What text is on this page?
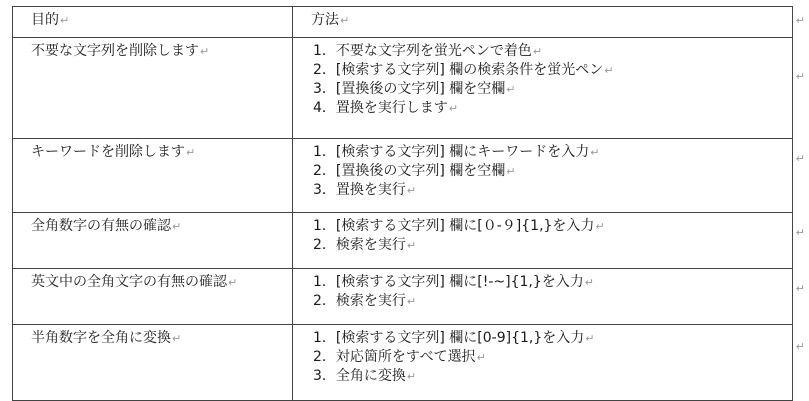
目的↵	方法↵

不要な文字列を削除します↵	1．不要な文字列を蛍光ペンで着色↵
2．[検索する文字列] 欄の検索条件を蛍光ペン↵
3．[置換後の文字列] 欄を空欄↵
4．置換を実行します↵

キーワードを削除します↵	1．[検索する文字列] 欄にキーワードを入力↵
2．[置換後の文字列] 欄を空欄↵
3．置換を実行↵

全角数字の有無の確認↵	1．[検索する文字列] 欄に[０-９]{1,}を入力↵
2．検索を実行↵

英文中の全角文字の有無の確認↵	1．[検索する文字列] 欄に[!-~]{1,}を入力↵
2．検索を実行↵

半角数字を全角に変換↵	1．[検索する文字列] 欄に[0-9]{1,}を入力↵
2．対応箇所をすべて選択↵
3．全角に変換↵
↵
↵
↵
↵
↵
↵
